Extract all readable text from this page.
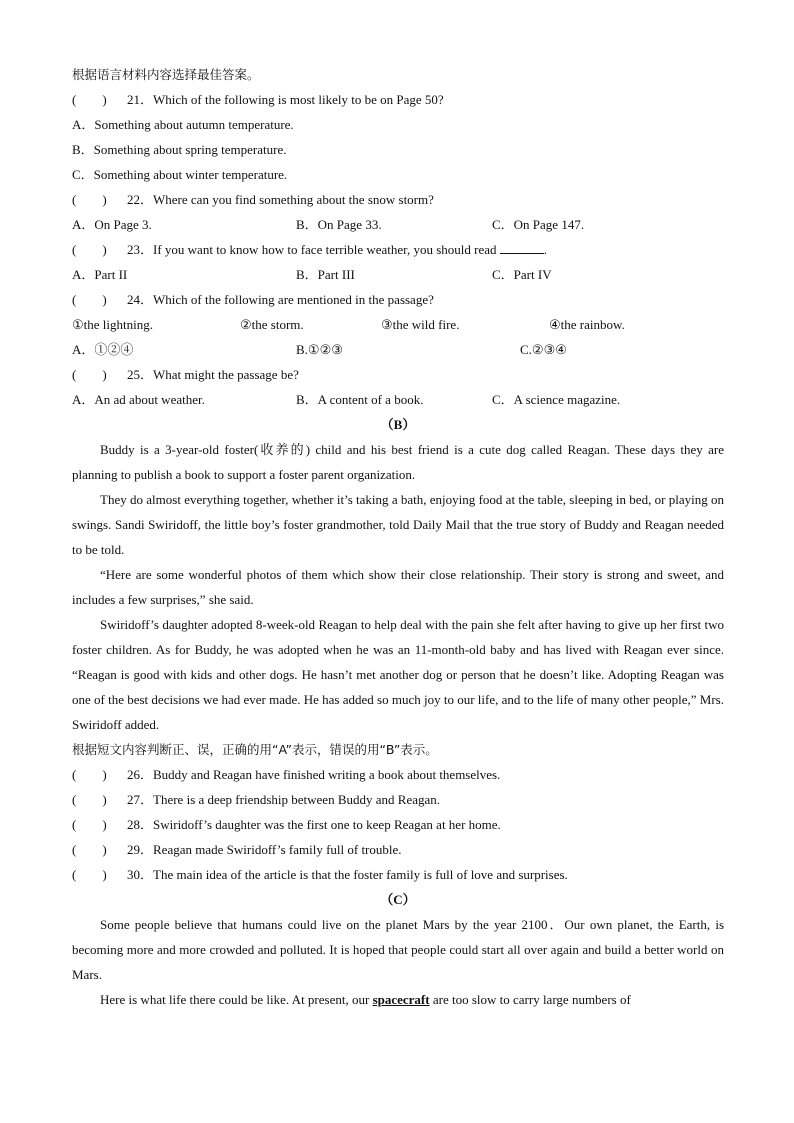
根据语言材料内容选择最佳答案。
(　　) 21．Which of the following is most likely to be on Page 50?
A．Something about autumn temperature.
B．Something about spring temperature.
C．Something about winter temperature.
(　　) 22．Where can you find something about the snow storm?
A．On Page 3.	B．On Page 33.	C．On Page 147.
(　　) 23．If you want to know how to face terrible weather, you should read	.
A．Part II	B．Part III	C．Part IV
(　　) 24．Which of the following are mentioned in the passage?
①the lightning.	②the storm.	③the wild fire.	④the rainbow.
A．①②④	B.①②③	C.②③④
(　　) 25．What might the passage be?
A．An ad about weather.	B．A content of a book.	C．A science magazine.
（B）
Buddy is a 3-year-old foster(收养的) child and his best friend is a cute dog called Reagan. These days they are planning to publish a book to support a foster parent organization.
They do almost everything together, whether it’s taking a bath, enjoying food at the table, sleeping in bed, or playing on swings. Sandi Swiridoff, the little boy’s foster grandmother, told Daily Mail that the true story of Buddy and Reagan needed to be told.
“Here are some wonderful photos of them which show their close relationship. Their story is strong and sweet, and includes a few surprises,” she said.
Swiridoff’s daughter adopted 8-week-old Reagan to help deal with the pain she felt after having to give up her first two foster children. As for Buddy, he was adopted when he was an 11-month-old baby and has lived with Reagan ever since. “Reagan is good with kids and other dogs. He hasn’t met another dog or person that he doesn’t like. Adopting Reagan was one of the best decisions we had ever made. He has added so much joy to our life, and to the life of many other people,” Mrs. Swiridoff added.
根据短文内容判断正、误，正确的用“A”表示，错误的用“B”表示。
(　　) 26．Buddy and Reagan have finished writing a book about themselves.
(　　) 27．There is a deep friendship between Buddy and Reagan.
(　　) 28．Swiridoff’s daughter was the first one to keep Reagan at her home.
(　　) 29．Reagan made Swiridoff’s family full of trouble.
(　　) 30．The main idea of the article is that the foster family is full of love and surprises.
（C）
Some people believe that humans could live on the planet Mars by the year 2100．Our own planet, the Earth, is becoming more and more crowded and polluted. It is hoped that people could start all over again and build a better world on Mars.
Here is what life there could be like. At present, our spacecraft are too slow to carry large numbers of
